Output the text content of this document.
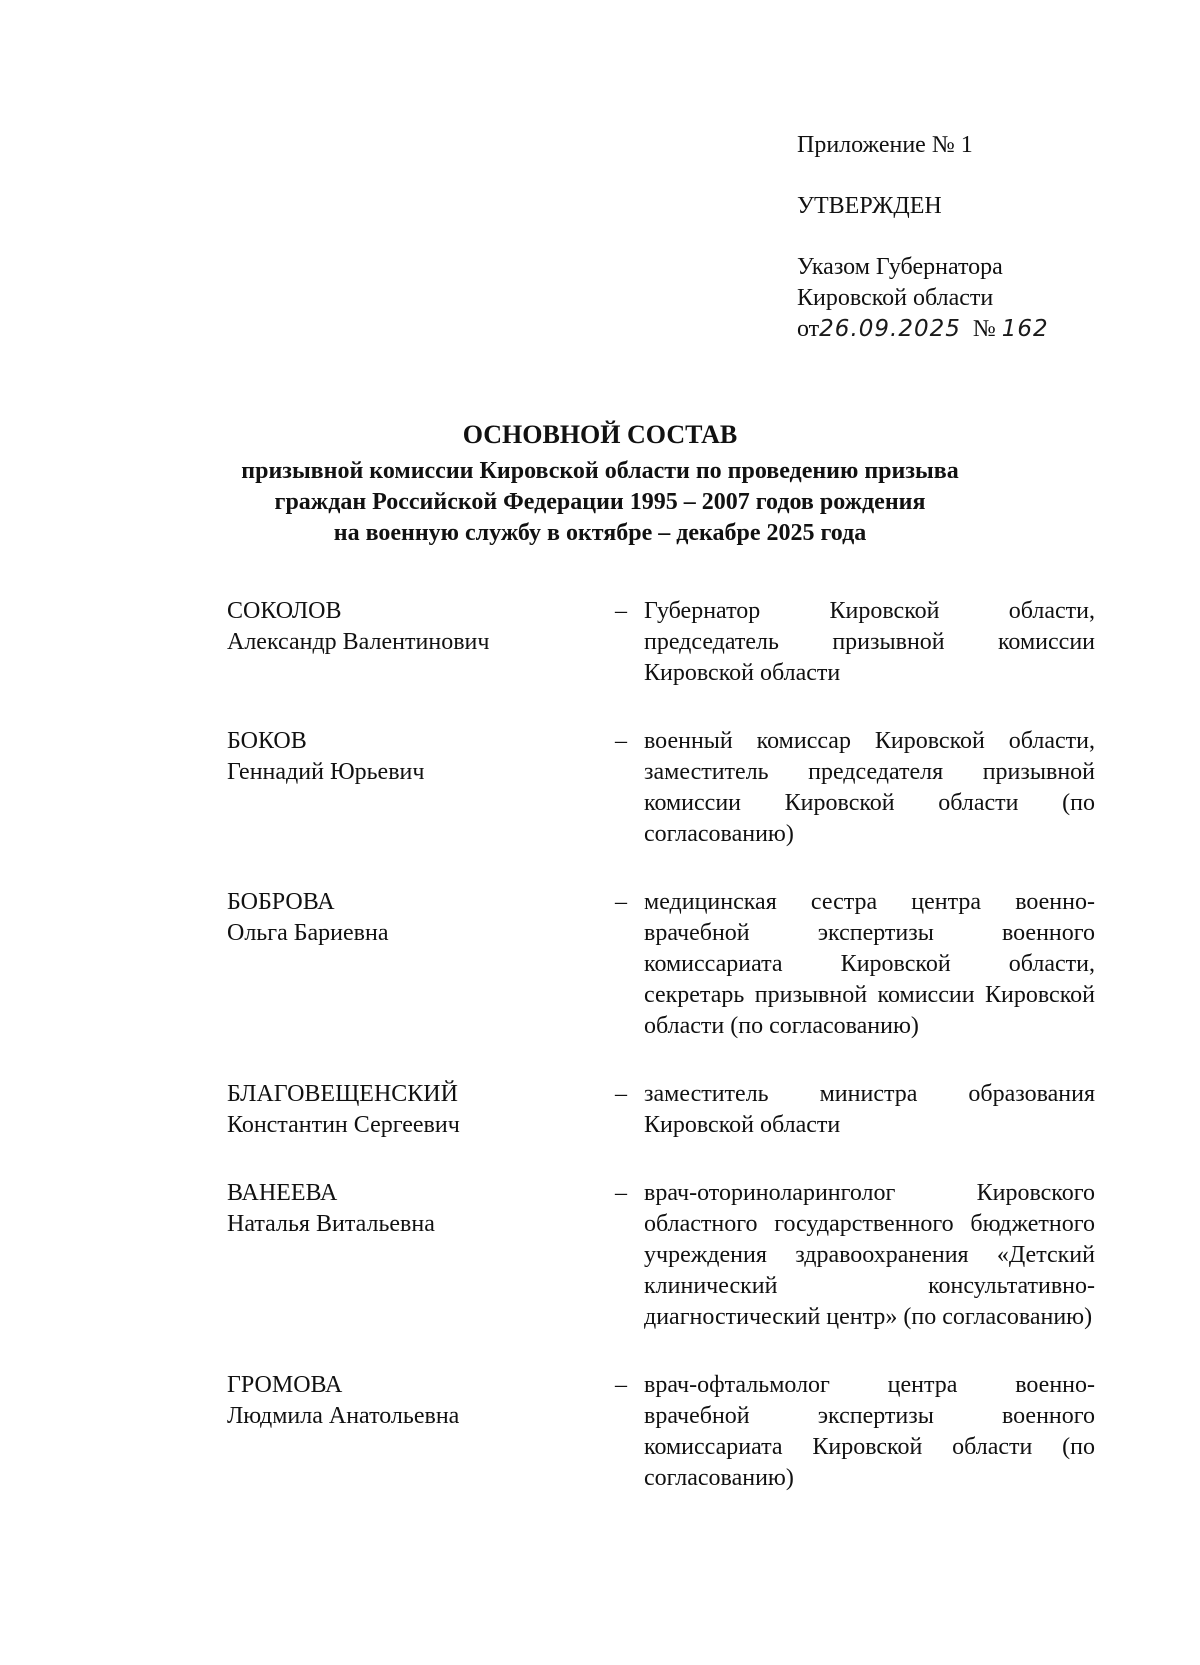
Приложение № 1
УТВЕРЖДЕН
Указом Губернатора
Кировской области
от26.09.2025 № 162
ОСНОВНОЙ СОСТАВ
призывной комиссии Кировской области по проведению призыва
граждан Российской Федерации 1995 – 2007 годов рождения
на военную службу в октябре – декабре 2025 года
СОКОЛОВ
Александр Валентинович
– Губернатор Кировской области, председатель призывной комиссии Кировской области
БОКОВ
Геннадий Юрьевич
– военный комиссар Кировской области, заместитель председателя призывной комиссии Кировской области (по согласованию)
БОБРОВА
Ольга Бариевна
– медицинская сестра центра военно-врачебной экспертизы военного комиссариата Кировской области, секретарь призывной комиссии Кировской области (по согласованию)
БЛАГОВЕЩЕНСКИЙ
Константин Сергеевич
– заместитель министра образования Кировской области
ВАНЕЕВА
Наталья Витальевна
– врач-оториноларинголог Кировского областного государственного бюджетного учреждения здравоохранения «Детский клинический консультативно-диагностический центр» (по согласованию)
ГРОМОВА
Людмила Анатольевна
– врач-офтальмолог центра военно-врачебной экспертизы военного комиссариата Кировской области (по согласованию)
